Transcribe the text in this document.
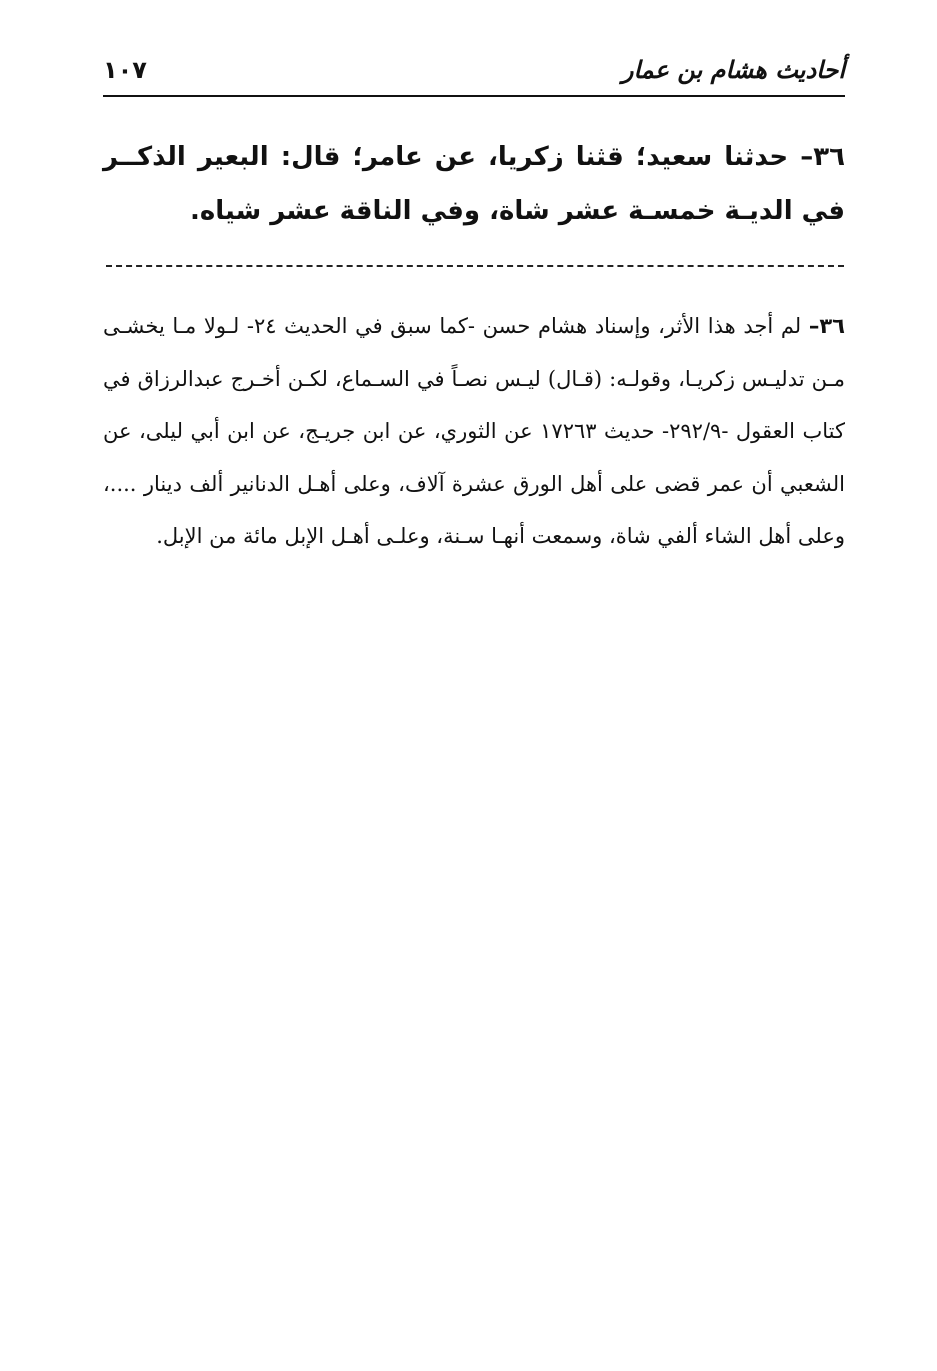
أحاديث هشام بن عمار
١٠٧
٣٦– حدثنا سعيد؛ قثنا زكريا، عن عامر؛ قال: البعير الذكــر في الديـة خمسـة عشر شاة، وفي الناقة عشر شياه.
٣٦– لم أجد هذا الأثر، وإسناد هشام حسن -كما سبق في الحديث ٢٤- لـولا مـا يخشـى مـن تدليـس زكريـا، وقولـه: (قـال) ليـس نصـاً في السـماع، لكـن أخـرج عبدالرزاق في كتاب العقول -٢٩٢/٩- حديث ١٧٢٦٣ عن الثوري، عن ابن جريـج، عن ابن أبي ليلى، عن الشعبي أن عمر قضى على أهل الورق عشرة آلاف، وعلى أهـل الدنانير ألف دينار ....، وعلى أهل الشاء ألفي شاة، وسمعت أنهـا سـنة، وعلـى أهـل الإبل مائة من الإبل.
